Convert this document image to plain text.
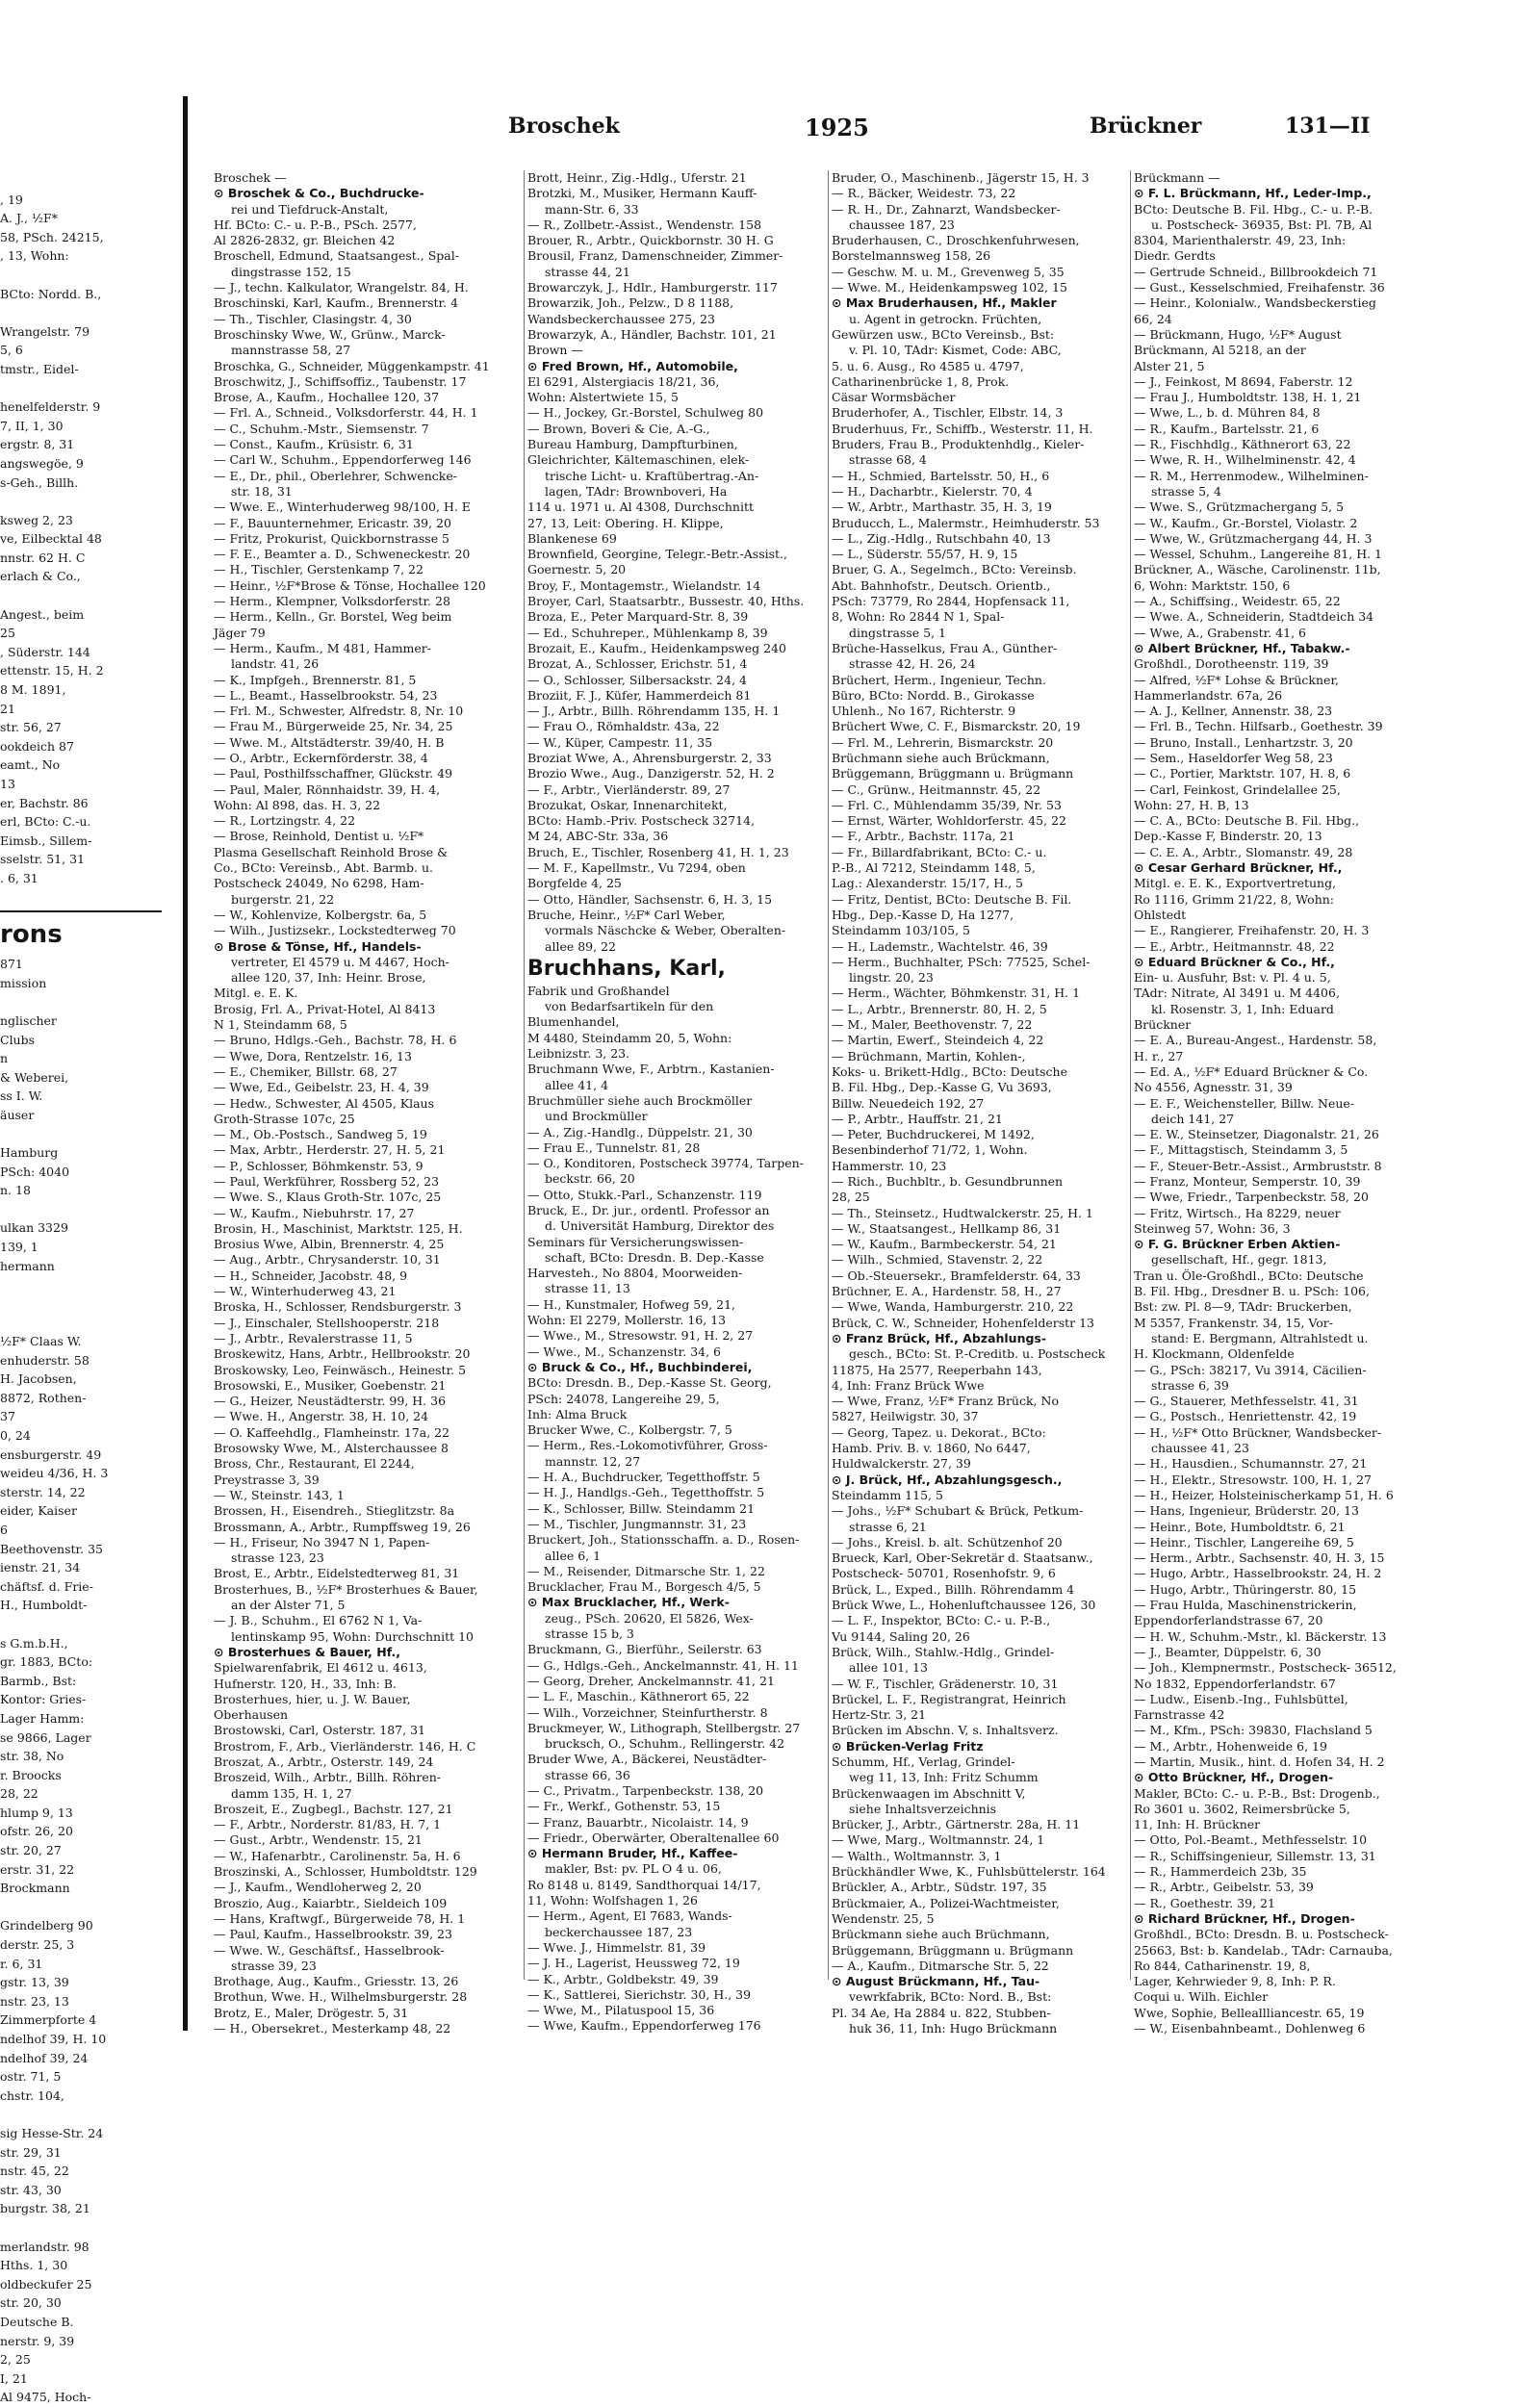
, 19
A. J., ½F*
58, PSch. 24215,
, 13, Wohn:

BCto: Nordd. B.,

Wrangelstr. 79
5, 6
tmstr., Eidel-

henelfelderstr. 9
7, II, 1, 30
ergstr. 8, 31
angswegöe, 9
s-Geh., Billh.

ksweg 2, 23
ve, Eilbecktal 48
nnstr. 62 H. C
erlach & Co.,

Angest., beim
25
, Süderstr. 144
ettenstr. 15, H. 2
8 M. 1891,
21
str. 56, 27
ookdeich 87
eamt., No
13
er, Bachstr. 86
erl, BCto: C.-u.
Eimsb., Sillem-
sselstr. 51, 31
. 6, 31

rons
871
mission

nglischer
Clubs
n
& Weberei,
ss I. W.
äuser

Hamburg
PSch: 4040
n. 18

ulkan 3329
139, 1
hermann

½F* Claas W.
enhuderstr. 58
H. Jacobsen,
8872, Rothen-
37
0, 24
ensburgerstr. 49
weideu 4/36, H. 3
sterstr. 14, 22
eider, Kaiser
6
Beethovenstr. 35
ienstr. 21, 34
chäftsf. d. Frie-
H., Humboldt-

s G.m.b.H.,
gr. 1883, BCto:
Barmb., Bst:
Kontor: Gries-
Lager Hamm:
se 9866, Lager
str. 38, No
r. Broocks
28, 22
hlump 9, 13
ofstr. 26, 20
str. 20, 27
erstr. 31, 22
Brockmann

Grindelberg 90
derstr. 25, 3
r. 6, 31
gstr. 13, 39
nstr. 23, 13
Zimmerpforte 4
ndelhof 39, H. 10
ndelhof 39, 24
ostr. 71, 5
chstr. 104,

sig Hesse-Str. 24
str. 29, 31
nstr. 45, 22
str. 43, 30
burgstr. 38, 21

merlandstr. 98
Hths. 1, 30
oldbeckufer 25
str. 20, 30
Deutsche B.
nerstr. 9, 39
2, 25
I, 21
Al 9475, Hoch-
Broschek	1925	Brückner	131—II

Broschek —

⊙ Broschek & Co., Buchdrucke-

rei und Tiefdruck-Anstalt,

Hf. BCto: C.- u. P.-B., PSch. 2577,

Al 2826-2832, gr. Bleichen 42

Broschell, Edmund, Staatsangest., Spal-

dingstrasse 152, 15

— J., techn. Kalkulator, Wrangelstr. 84, H.

Broschinski, Karl, Kaufm., Brennerstr. 4

— Th., Tischler, Clasingstr. 4, 30

Broschinsky Wwe, W., Grünw., Marck-

mannstrasse 58, 27

Broschka, G., Schneider, Müggenkampstr. 41

Broschwitz, J., Schiffsoffiz., Taubenstr. 17

Brose, A., Kaufm., Hochallee 120, 37

— Frl. A., Schneid., Volksdorferstr. 44, H. 1

— C., Schuhm.-Mstr., Siemsenstr. 7

— Const., Kaufm., Krüsistr. 6, 31

— Carl W., Schuhm., Eppendorferweg 146

— E., Dr., phil., Oberlehrer, Schwencke-

str. 18, 31

— Wwe. E., Winterhuderweg 98/100, H. E

— F., Bauunternehmer, Ericastr. 39, 20

— Fritz, Prokurist, Quickbornstrasse 5

— F. E., Beamter a. D., Schweneckestr. 20

— H., Tischler, Gerstenkamp 7, 22

— Heinr., ½F*Brose & Tönse, Hochallee 120

— Herm., Klempner, Volksdorferstr. 28

— Herm., Kelln., Gr. Borstel, Weg beim

Jäger 79

— Herm., Kaufm., M 481, Hammer-

landstr. 41, 26

— K., Impfgeh., Brennerstr. 81, 5

— L., Beamt., Hasselbrookstr. 54, 23

— Frl. M., Schwester, Alfredstr. 8, Nr. 10

— Frau M., Bürgerweide 25, Nr. 34, 25

— Wwe. M., Altstädterstr. 39/40, H. B

— O., Arbtr., Eckernförderstr. 38, 4

— Paul, Posthilfsschaffner, Glückstr. 49

— Paul, Maler, Rönnhaidstr. 39, H. 4,

Wohn: Al 898, das. H. 3, 22

— R., Lortzingstr. 4, 22

— Brose, Reinhold, Dentist u. ½F*

Plasma Gesellschaft Reinhold Brose &

Co., BCto: Vereinsb., Abt. Barmb. u.

Postscheck 24049, No 6298, Ham-

burgerstr. 21, 22

— W., Kohlenvize, Kolbergstr. 6a, 5

— Wilh., Justizsekr., Lockstedterweg 70

⊙ Brose & Tönse, Hf., Handels-

vertreter, El 4579 u. M 4467, Hoch-

allee 120, 37, Inh: Heinr. Brose,

Mitgl. e. E. K.

Brosig, Frl. A., Privat-Hotel, Al 8413

N 1, Steindamm 68, 5

— Bruno, Hdlgs.-Geh., Bachstr. 78, H. 6

— Wwe, Dora, Rentzelstr. 16, 13

— E., Chemiker, Billstr. 68, 27

— Wwe, Ed., Geibelstr. 23, H. 4, 39

— Hedw., Schwester, Al 4505, Klaus

Groth-Strasse 107c, 25

— M., Ob.-Postsch., Sandweg 5, 19

— Max, Arbtr., Herderstr. 27, H. 5, 21

— P., Schlosser, Böhmkenstr. 53, 9

— Paul, Werkführer, Rossberg 52, 23

— Wwe. S., Klaus Groth-Str. 107c, 25

— W., Kaufm., Niebuhrstr. 17, 27

Brosin, H., Maschinist, Marktstr. 125, H.

Brosius Wwe, Albin, Brennerstr. 4, 25

— Aug., Arbtr., Chrysanderstr. 10, 31

— H., Schneider, Jacobstr. 48, 9

— W., Winterhuderweg 43, 21

Broska, H., Schlosser, Rendsburgerstr. 3

— J., Einschaler, Stellshooperstr. 218

— J., Arbtr., Revalerstrasse 11, 5

Broskewitz, Hans, Arbtr., Hellbrookstr. 20

Broskowsky, Leo, Feinwäsch., Heinestr. 5

Brosowski, E., Musiker, Goebenstr. 21

— G., Heizer, Neustädterstr. 99, H. 36

— Wwe. H., Angerstr. 38, H. 10, 24

— O. Kaffeehdlg., Flamheinstr. 17a, 22

Brosowsky Wwe, M., Alsterchaussee 8

Bross, Chr., Restaurant, El 2244,

Preystrasse 3, 39

— W., Steinstr. 143, 1

Brossen, H., Eisendreh., Stieglitzstr. 8a

Brossmann, A., Arbtr., Rumpffsweg 19, 26

— H., Friseur, No 3947 N 1, Papen-

strasse 123, 23

Brost, E., Arbtr., Eidelstedterweg 81, 31

Brosterhues, B., ½F* Brosterhues & Bauer,

an der Alster 71, 5

— J. B., Schuhm., El 6762 N 1, Va-

lentinskamp 95, Wohn: Durchschnitt 10

⊙ Brosterhues & Bauer, Hf.,

Spielwarenfabrik, El 4612 u. 4613,

Hufnerstr. 120, H., 33, Inh: B.

Brosterhues, hier, u. J. W. Bauer,

Oberhausen

Brostowski, Carl, Osterstr. 187, 31

Brostrom, F., Arb., Vierländerstr. 146, H. C

Broszat, A., Arbtr., Osterstr. 149, 24

Broszeid, Wilh., Arbtr., Billh. Röhren-

damm 135, H. 1, 27

Broszeit, E., Zugbegl., Bachstr. 127, 21

— F., Arbtr., Norderstr. 81/83, H. 7, 1

— Gust., Arbtr., Wendenstr. 15, 21

— W., Hafenarbtr., Carolinenstr. 5a, H. 6

Broszinski, A., Schlosser, Humboldtstr. 129

— J., Kaufm., Wendloherweg 2, 20

Broszio, Aug., Kaiarbtr., Sieldeich 109

— Hans, Kraftwgf., Bürgerweide 78, H. 1

— Paul, Kaufm., Hasselbrookstr. 39, 23

— Wwe. W., Geschäftsf., Hasselbrook-

strasse 39, 23

Brothage, Aug., Kaufm., Griesstr. 13, 26

Brothun, Wwe. H., Wilhelmsburgerstr. 28

Brotz, E., Maler, Drögestr. 5, 31

— H., Obersekret., Mesterkamp 48, 22

Brott, Heinr., Zig.-Hdlg., Uferstr. 21

Brotzki, M., Musiker, Hermann Kauff-

mann-Str. 6, 33

— R., Zollbetr.-Assist., Wendenstr. 158

Brouer, R., Arbtr., Quickbornstr. 30 H. G

Brousil, Franz, Damenschneider, Zimmer-

strasse 44, 21

Browarczyk, J., Hdlr., Hamburgerstr. 117

Browarzik, Joh., Pelzw., D 8 1188,

Wandsbeckerchaussee 275, 23

Browarzyk, A., Händler, Bachstr. 101, 21

Brown —

⊙ Fred Brown, Hf., Automobile,

El 6291, Alstergiacis 18/21, 36,

Wohn: Alstertwiete 15, 5

— H., Jockey, Gr.-Borstel, Schulweg 80

— Brown, Boveri & Cie, A.-G.,

Bureau Hamburg, Dampfturbinen,

Gleichrichter, Kältemaschinen, elek-

trische Licht- u. Kraftübertrag.-An-

lagen, TAdr: Brownboveri, Ha

114 u. 1971 u. Al 4308, Durchschnitt

27, 13, Leit: Obering. H. Klippe,

Blankenese 69

Brownfield, Georgine, Telegr.-Betr.-Assist.,

Goernestr. 5, 20

Broy, F., Montagemstr., Wielandstr. 14

Broyer, Carl, Staatsarbtr., Bussestr. 40, Hths.

Broza, E., Peter Marquard-Str. 8, 39

— Ed., Schuhreper., Mühlenkamp 8, 39

Brozait, E., Kaufm., Heidenkampsweg 240

Brozat, A., Schlosser, Erichstr. 51, 4

— O., Schlosser, Silbersackstr. 24, 4

Broziit, F. J., Küfer, Hammerdeich 81

— J., Arbtr., Billh. Röhrendamm 135, H. 1

— Frau O., Römhaldstr. 43a, 22

— W., Küper, Campestr. 11, 35

Broziat Wwe, A., Ahrensburgerstr. 2, 33

Brozio Wwe., Aug., Danzigerstr. 52, H. 2

— F., Arbtr., Vierländerstr. 89, 27

Brozukat, Oskar, Innenarchitekt,

BCto: Hamb.-Priv. Postscheck 32714,

M 24, ABC-Str. 33a, 36

Bruch, E., Tischler, Rosenberg 41, H. 1, 23

— M. F., Kapellmstr., Vu 7294, oben

Borgfelde 4, 25

— Otto, Händler, Sachsenstr. 6, H. 3, 15

Bruche, Heinr., ½F* Carl Weber,

vormals Näschcke & Weber, Oberalten-

allee 89, 22

Bruchhans, Karl,

Fabrik und Großhandel

von Bedarfsartikeln für den

Blumenhandel,

M 4480, Steindamm 20, 5, Wohn:

Leibnizstr. 3, 23.

Bruchmann Wwe, F., Arbtrn., Kastanien-

allee 41, 4

Bruchmüller siehe auch Brockmöller

und Brockmüller

— A., Zig.-Handlg., Düppelstr. 21, 30

— Frau E., Tunnelstr. 81, 28

— O., Konditoren, Postscheck 39774, Tarpen-

beckstr. 66, 20

— Otto, Stukk.-Parl., Schanzenstr. 119

Bruck, E., Dr. jur., ordentl. Professor an

d. Universität Hamburg, Direktor des

Seminars für Versicherungswissen-

schaft, BCto: Dresdn. B. Dep.-Kasse

Harvesteh., No 8804, Moorweiden-

strasse 11, 13

— H., Kunstmaler, Hofweg 59, 21,

Wohn: El 2279, Mollerstr. 16, 13

— Wwe., M., Stresowstr. 91, H. 2, 27

— Wwe., M., Schanzenstr. 34, 6

⊙ Bruck & Co., Hf., Buchbinderei,

BCto: Dresdn. B., Dep.-Kasse St. Georg,

PSch: 24078, Langereihe 29, 5,

Inh: Alma Bruck

Brucker Wwe, C., Kolbergstr. 7, 5

— Herm., Res.-Lokomotivführer, Gross-

mannstr. 12, 27

— H. A., Buchdrucker, Tegetthoffstr. 5

— H. J., Handlgs.-Geh., Tegetthoffstr. 5

— K., Schlosser, Billw. Steindamm 21

— M., Tischler, Jungmannstr. 31, 23

Bruckert, Joh., Stationsschaffn. a. D., Rosen-

allee 6, 1

— M., Reisender, Ditmarsche Str. 1, 22

Brucklacher, Frau M., Borgesch 4/5, 5

⊙ Max Brucklacher, Hf., Werk-

zeug., PSch. 20620, El 5826, Wex-

strasse 15 b, 3

Bruckmann, G., Bierführ., Seilerstr. 63

— G., Hdlgs.-Geh., Anckelmannstr. 41, H. 11

— Georg, Dreher, Anckelmannstr. 41, 21

— L. F., Maschin., Käthnerort 65, 22

— Wilh., Vorzeichner, Steinfurtherstr. 8

Bruckmeyer, W., Lithograph, Stellbergstr. 27

brucksch, O., Schuhm., Rellingerstr. 42

Bruder Wwe, A., Bäckerei, Neustädter-

strasse 66, 36

— C., Privatm., Tarpenbeckstr. 138, 20

— Fr., Werkf., Gothenstr. 53, 15

— Franz, Bauarbtr., Nicolaistr. 14, 9

— Friedr., Oberwärter, Oberaltenallee 60

⊙ Hermann Bruder, Hf., Kaffee-

makler, Bst: pv. PL O 4 u. 06,

Ro 8148 u. 8149, Sandthorquai 14/17,

11, Wohn: Wolfshagen 1, 26

— Herm., Agent, El 7683, Wands-

beckerchaussee 187, 23

— Wwe. J., Himmelstr. 81, 39

— J. H., Lagerist, Heussweg 72, 19

— K., Arbtr., Goldbekstr. 49, 39

— K., Sattlerei, Sierichstr. 30, H., 39

— Wwe, M., Pilatuspool 15, 36

— Wwe, Kaufm., Eppendorferweg 176

Bruder, O., Maschinenb., Jägerstr 15, H. 3

— R., Bäcker, Weidestr. 73, 22

— R. H., Dr., Zahnarzt, Wandsbecker-

chaussee 187, 23

Bruderhausen, C., Droschkenfuhrwesen,

Borstelmannsweg 158, 26

— Geschw. M. u. M., Grevenweg 5, 35

— Wwe. M., Heidenkampsweg 102, 15

⊙ Max Bruderhausen, Hf., Makler

u. Agent in getrockn. Früchten,

Gewürzen usw., BCto Vereinsb., Bst:

v. Pl. 10, TAdr: Kismet, Code: ABC,

5. u. 6. Ausg., Ro 4585 u. 4797,

Catharinenbrücke 1, 8, Prok.

Cäsar Wormsbächer

Bruderhofer, A., Tischler, Elbstr. 14, 3

Bruderhuus, Fr., Schiffb., Westerstr. 11, H.

Bruders, Frau B., Produktenhdlg., Kieler-

strasse 68, 4

— H., Schmied, Bartelsstr. 50, H., 6

— H., Dacharbtr., Kielerstr. 70, 4

— W., Arbtr., Marthastr. 35, H. 3, 19

Bruducch, L., Malermstr., Heimhuderstr. 53

— L., Zig.-Hdlg., Rutschbahn 40, 13

— L., Süderstr. 55/57, H. 9, 15

Bruer, G. A., Segelmch., BCto: Vereinsb.

Abt. Bahnhofstr., Deutsch. Orientb.,

PSch: 73779, Ro 2844, Hopfensack 11,

8, Wohn: Ro 2844 N 1, Spal-

dingstrasse 5, 1

Brüche-Hasselkus, Frau A., Günther-

strasse 42, H. 26, 24

Brüchert, Herm., Ingenieur, Techn.

Büro, BCto: Nordd. B., Girokasse

Uhlenh., No 167, Richterstr. 9

Brüchert Wwe, C. F., Bismarckstr. 20, 19

— Frl. M., Lehrerin, Bismarckstr. 20

Brüchmann siehe auch Brückmann,

Brüggemann, Brüggmann u. Brügmann

— C., Grünw., Heitmannstr. 45, 22

— Frl. C., Mühlendamm 35/39, Nr. 53

— Ernst, Wärter, Wohldorferstr. 45, 22

— F., Arbtr., Bachstr. 117a, 21

— Fr., Billardfabrikant, BCto: C.- u.

P.-B., Al 7212, Steindamm 148, 5,

Lag.: Alexanderstr. 15/17, H., 5

— Fritz, Dentist, BCto: Deutsche B. Fil.

Hbg., Dep.-Kasse D, Ha 1277,

Steindamm 103/105, 5

— H., Lademstr., Wachtelstr. 46, 39

— Herm., Buchhalter, PSch: 77525, Schel-

lingstr. 20, 23

— Herm., Wächter, Böhmkenstr. 31, H. 1

— L., Arbtr., Brennerstr. 80, H. 2, 5

— M., Maler, Beethovenstr. 7, 22

— Martin, Ewerf., Steindeich 4, 22

— Brüchmann, Martin, Kohlen-,

Koks- u. Brikett-Hdlg., BCto: Deutsche

B. Fil. Hbg., Dep.-Kasse G, Vu 3693,

Billw. Neuedeich 192, 27

— P., Arbtr., Hauffstr. 21, 21

— Peter, Buchdruckerei, M 1492,

Besenbinderhof 71/72, 1, Wohn.

Hammerstr. 10, 23

— Rich., Buchbltr., b. Gesundbrunnen

28, 25

— Th., Steinsetz., Hudtwalckerstr. 25, H. 1

— W., Staatsangest., Hellkamp 86, 31

— W., Kaufm., Barmbeckerstr. 54, 21

— Wilh., Schmied, Stavenstr. 2, 22

— Ob.-Steuersekr., Bramfelderstr. 64, 33

Brüchner, E. A., Hardenstr. 58, H., 27

— Wwe, Wanda, Hamburgerstr. 210, 22

Brück, C. W., Schneider, Hohenfelderstr 13

⊙ Franz Brück, Hf., Abzahlungs-

gesch., BCto: St. P.-Creditb. u. Postscheck

11875, Ha 2577, Reeperbahn 143,

4, Inh: Franz Brück Wwe

— Wwe, Franz, ½F* Franz Brück, No

5827, Heilwigstr. 30, 37

— Georg, Tapez. u. Dekorat., BCto:

Hamb. Priv. B. v. 1860, No 6447,

Huldwalckerstr. 27, 39

⊙ J. Brück, Hf., Abzahlungsgesch.,

Steindamm 115, 5

— Johs., ½F* Schubart & Brück, Petkum-

strasse 6, 21

— Johs., Kreisl. b. alt. Schützenhof 20

Brueck, Karl, Ober-Sekretär d. Staatsanw.,

Postscheck- 50701, Rosenhofstr. 9, 6

Brück, L., Exped., Billh. Röhrendamm 4

Brück Wwe, L., Hohenluftchaussee 126, 30

— L. F., Inspektor, BCto: C.- u. P.-B.,

Vu 9144, Saling 20, 26

Brück, Wilh., Stahlw.-Hdlg., Grindel-

allee 101, 13

— W. F., Tischler, Grädenerstr. 10, 31

Brückel, L. F., Registrangrat, Heinrich

Hertz-Str. 3, 21

Brücken im Abschn. V, s. Inhaltsverz.

⊙ Brücken-Verlag Fritz

Schumm, Hf., Verlag, Grindel-

weg 11, 13, Inh: Fritz Schumm

Brückenwaagen im Abschnitt V,

siehe Inhaltsverzeichnis

Brücker, J., Arbtr., Gärtnerstr. 28a, H. 11

— Wwe, Marg., Woltmannstr. 24, 1

— Walth., Woltmannstr. 3, 1

Brückhändler Wwe, K., Fuhlsbüttelerstr. 164

Brückler, A., Arbtr., Südstr. 197, 35

Brückmaier, A., Polizei-Wachtmeister,

Wendenstr. 25, 5

Brückmann siehe auch Brüchmann,

Brüggemann, Brüggmann u. Brügmann

— A., Kaufm., Ditmarsche Str. 5, 22

⊙ August Brückmann, Hf., Tau-

vewrkfabrik, BCto: Nord. B., Bst:

Pl. 34 Ae, Ha 2884 u. 822, Stubben-

huk 36, 11, Inh: Hugo Brückmann

Brückmann —

⊙ F. L. Brückmann, Hf., Leder-Imp.,

BCto: Deutsche B. Fil. Hbg., C.- u. P.-B.

u. Postscheck- 36935, Bst: Pl. 7B, Al

8304, Marienthalerstr. 49, 23, Inh:

Diedr. Gerdts

— Gertrude Schneid., Billbrookdeich 71

— Gust., Kesselschmied, Freihafenstr. 36

— Heinr., Kolonialw., Wandsbeckerstieg

66, 24

— Brückmann, Hugo, ½F* August

Brückmann, Al 5218, an der

Alster 21, 5

— J., Feinkost, M 8694, Faberstr. 12

— Frau J., Humboldtstr. 138, H. 1, 21

— Wwe, L., b. d. Mühren 84, 8

— R., Kaufm., Bartelsstr. 21, 6

— R., Fischhdlg., Käthnerort 63, 22

— Wwe, R. H., Wilhelminenstr. 42, 4

— R. M., Herrenmodew., Wilhelminen-

strasse 5, 4

— Wwe. S., Grützmachergang 5, 5

— W., Kaufm., Gr.-Borstel, Violastr. 2

— Wwe, W., Grützmachergang 44, H. 3

— Wessel, Schuhm., Langereihe 81, H. 1

Brückner, A., Wäsche, Carolinenstr. 11b,

6, Wohn: Marktstr. 150, 6

— A., Schiffsing., Weidestr. 65, 22

— Wwe. A., Schneiderin, Stadtdeich 34

— Wwe, A., Grabenstr. 41, 6

⊙ Albert Brückner, Hf., Tabakw.-

Großhdl., Dorotheenstr. 119, 39

— Alfred, ½F* Lohse & Brückner,

Hammerlandstr. 67a, 26

— A. J., Kellner, Annenstr. 38, 23

— Frl. B., Techn. Hilfsarb., Goethestr. 39

— Bruno, Install., Lenhartzstr. 3, 20

— Sem., Haseldorfer Weg 58, 23

— C., Portier, Marktstr. 107, H. 8, 6

— Carl, Feinkost, Grindelallee 25,

Wohn: 27, H. B, 13

— C. A., BCto: Deutsche B. Fil. Hbg.,

Dep.-Kasse F, Binderstr. 20, 13

— C. E. A., Arbtr., Slomanstr. 49, 28

⊙ Cesar Gerhard Brückner, Hf.,

Mitgl. e. E. K., Exportvertretung,

Ro 1116, Grimm 21/22, 8, Wohn:

Ohlstedt

— E., Rangierer, Freihafenstr. 20, H. 3

— E., Arbtr., Heitmannstr. 48, 22

⊙ Eduard Brückner & Co., Hf.,

Ein- u. Ausfuhr, Bst: v. Pl. 4 u. 5,

TAdr: Nitrate, Al 3491 u. M 4406,

kl. Rosenstr. 3, 1, Inh: Eduard

Brückner

— E. A., Bureau-Angest., Hardenstr. 58,

H. r., 27

— Ed. A., ½F* Eduard Brückner & Co.

No 4556, Agnesstr. 31, 39

— E. F., Weichensteller, Billw. Neue-

deich 141, 27

— E. W., Steinsetzer, Diagonalstr. 21, 26

— F., Mittagstisch, Steindamm 3, 5

— F., Steuer-Betr.-Assist., Armbruststr. 8

— Franz, Monteur, Semperstr. 10, 39

— Wwe, Friedr., Tarpenbeckstr. 58, 20

— Fritz, Wirtsch., Ha 8229, neuer

Steinweg 57, Wohn: 36, 3

⊙ F. G. Brückner Erben Aktien-

gesellschaft, Hf., gegr. 1813,

Tran u. Öle-Großhdl., BCto: Deutsche

B. Fil. Hbg., Dresdner B. u. PSch: 106,

Bst: zw. Pl. 8—9, TAdr: Bruckerben,

M 5357, Frankenstr. 34, 15, Vor-

stand: E. Bergmann, Altrahlstedt u.

H. Klockmann, Oldenfelde

— G., PSch: 38217, Vu 3914, Cäcilien-

strasse 6, 39

— G., Stauerer, Methfesselstr. 41, 31

— G., Postsch., Henriettenstr. 42, 19

— H., ½F* Otto Brückner, Wandsbecker-

chaussee 41, 23

— H., Hausdien., Schumannstr. 27, 21

— H., Elektr., Stresowstr. 100, H. 1, 27

— H., Heizer, Holsteinischerkamp 51, H. 6

— Hans, Ingenieur, Brüderstr. 20, 13

— Heinr., Bote, Humboldtstr. 6, 21

— Heinr., Tischler, Langereihe 69, 5

— Herm., Arbtr., Sachsenstr. 40, H. 3, 15

— Hugo, Arbtr., Hasselbrookstr. 24, H. 2

— Hugo, Arbtr., Thüringerstr. 80, 15

— Frau Hulda, Maschinenstrickerin,

Eppendorferlandstrasse 67, 20

— H. W., Schuhm.-Mstr., kl. Bäckerstr. 13

— J., Beamter, Düppelstr. 6, 30

— Joh., Klempnermstr., Postscheck- 36512,

No 1832, Eppendorferlandstr. 67

— Ludw., Eisenb.-Ing., Fuhlsbüttel,

Farnstrasse 42

— M., Kfm., PSch: 39830, Flachsland 5

— M., Arbtr., Hohenweide 6, 19

— Martin, Musik., hint. d. Hofen 34, H. 2

⊙ Otto Brückner, Hf., Drogen-

Makler, BCto: C.- u. P.-B., Bst: Drogenb.,

Ro 3601 u. 3602, Reimersbrücke 5,

11, Inh: H. Brückner

— Otto, Pol.-Beamt., Methfesselstr. 10

— R., Schiffsingenieur, Sillemstr. 13, 31

— R., Hammerdeich 23b, 35

— R., Arbtr., Geibelstr. 53, 39

— R., Goethestr. 39, 21

⊙ Richard Brückner, Hf., Drogen-

Großhdl., BCto: Dresdn. B. u. Postscheck-

25663, Bst: b. Kandelab., TAdr: Carnauba,

Ro 844, Catharinenstr. 19, 8,

Lager, Kehrwieder 9, 8, Inh: P. R.

Coqui u. Wilh. Eichler

Wwe, Sophie, Belleallliancestr. 65, 19

— W., Eisenbahnbeamt., Dohlenweg 6
